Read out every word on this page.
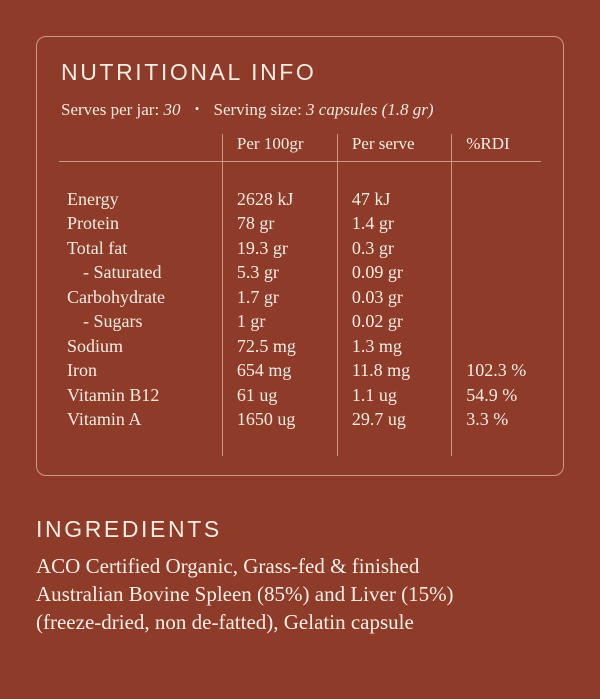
NUTRITIONAL INFO
Serves per jar: 30 • Serving size: 3 capsules (1.8 gr)
	Per 100gr	Per serve	%RDI

Energy	2628 kJ	47 kJ	
Protein	78 gr	1.4 gr	
Total fat	19.3 gr	0.3 gr	
- Saturated	5.3 gr	0.09 gr	
Carbohydrate	1.7 gr	0.03 gr	
- Sugars	1 gr	0.02 gr	
Sodium	72.5 mg	1.3 mg	
Iron	654 mg	11.8 mg	102.3 %
Vitamin B12	61 ug	1.1 ug	54.9 %
Vitamin A	1650 ug	29.7 ug	3.3 %

INGREDIENTS
ACO Certified Organic, Grass-fed & finished
Australian Bovine Spleen (85%) and Liver (15%)
(freeze-dried, non de-fatted), Gelatin capsule
